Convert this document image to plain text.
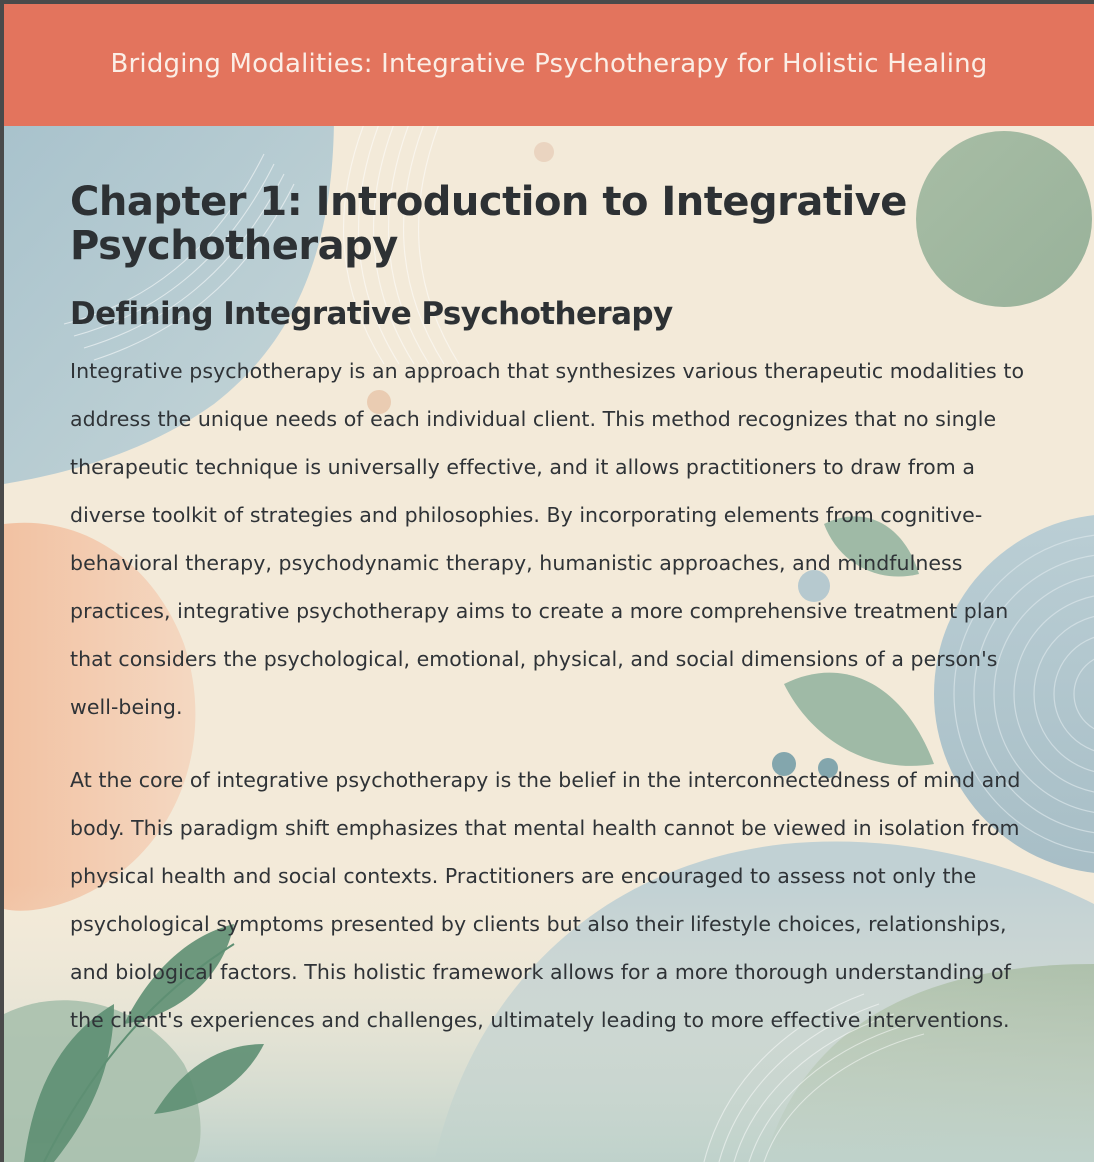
Bridging Modalities: Integrative Psychotherapy for Holistic Healing
Chapter 1: Introduction to Integrative Psychotherapy
Defining Integrative Psychotherapy

Integrative psychotherapy is an approach that synthesizes various therapeutic modalities to address the unique needs of each individual client. This method recognizes that no single therapeutic technique is universally effective, and it allows practitioners to draw from a diverse toolkit of strategies and philosophies. By incorporating elements from cognitive-behavioral therapy, psychodynamic therapy, humanistic approaches, and mindfulness practices, integrative psychotherapy aims to create a more comprehensive treatment plan that considers the psychological, emotional, physical, and social dimensions of a person's well-being.

At the core of integrative psychotherapy is the belief in the interconnectedness of mind and body. This paradigm shift emphasizes that mental health cannot be viewed in isolation from physical health and social contexts. Practitioners are encouraged to assess not only the psychological symptoms presented by clients but also their lifestyle choices, relationships, and biological factors. This holistic framework allows for a more thorough understanding of the client's experiences and challenges, ultimately leading to more effective interventions.
